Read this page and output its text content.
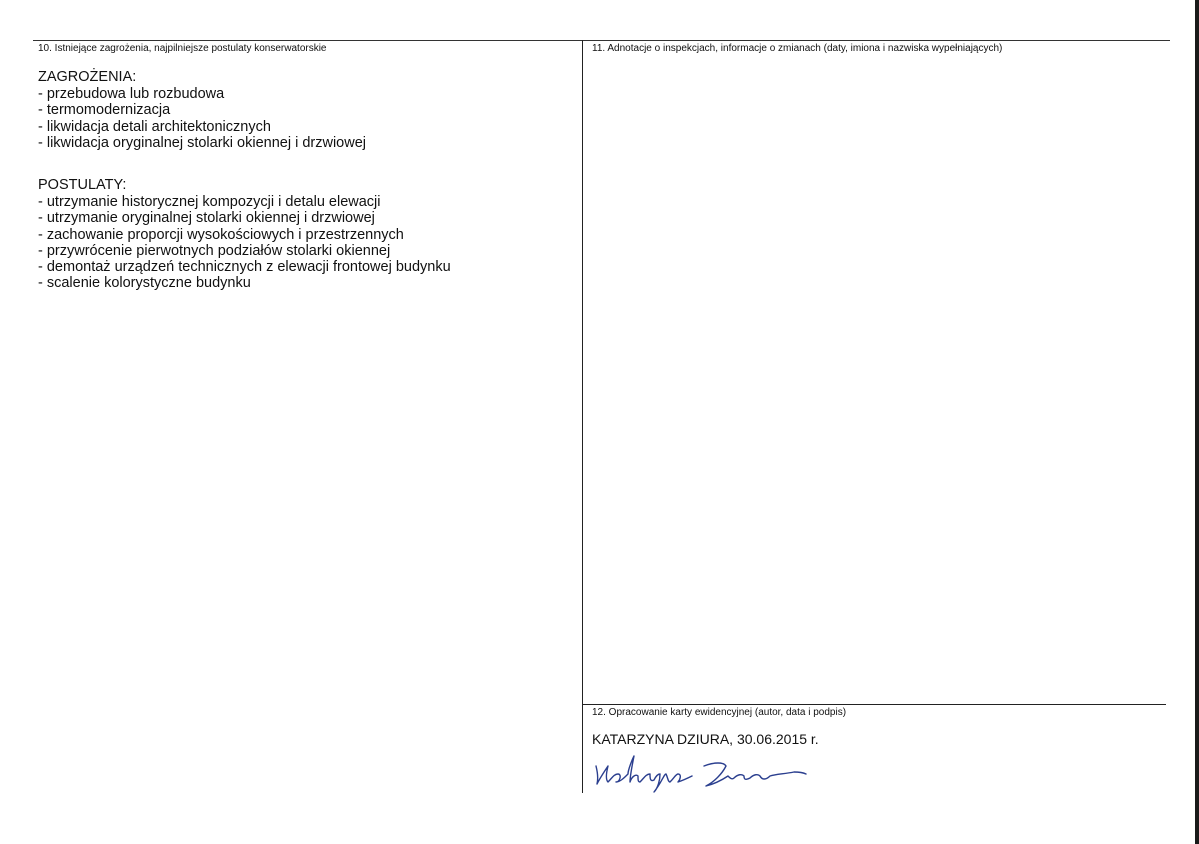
10. Istniejące zagrożenia, najpilniejsze postulaty konserwatorskie

ZAGROŻENIA:

- przebudowa lub rozbudowa
- termomodernizacja
- likwidacja detali architektonicznych
- likwidacja oryginalnej stolarki okiennej i drzwiowej

POSTULATY:

- utrzymanie historycznej kompozycji i detalu elewacji
- utrzymanie oryginalnej stolarki okiennej i drzwiowej
- zachowanie proporcji wysokościowych i przestrzennych
- przywrócenie pierwotnych podziałów stolarki okiennej
- demontaż urządzeń technicznych z elewacji frontowej budynku
- scalenie kolorystyczne budynku
11. Adnotacje o inspekcjach, informacje o zmianach (daty, imiona i nazwiska wypełniających)
12. Opracowanie karty ewidencyjnej (autor, data i podpis)
KATARZYNA DZIURA, 30.06.2015 r.
